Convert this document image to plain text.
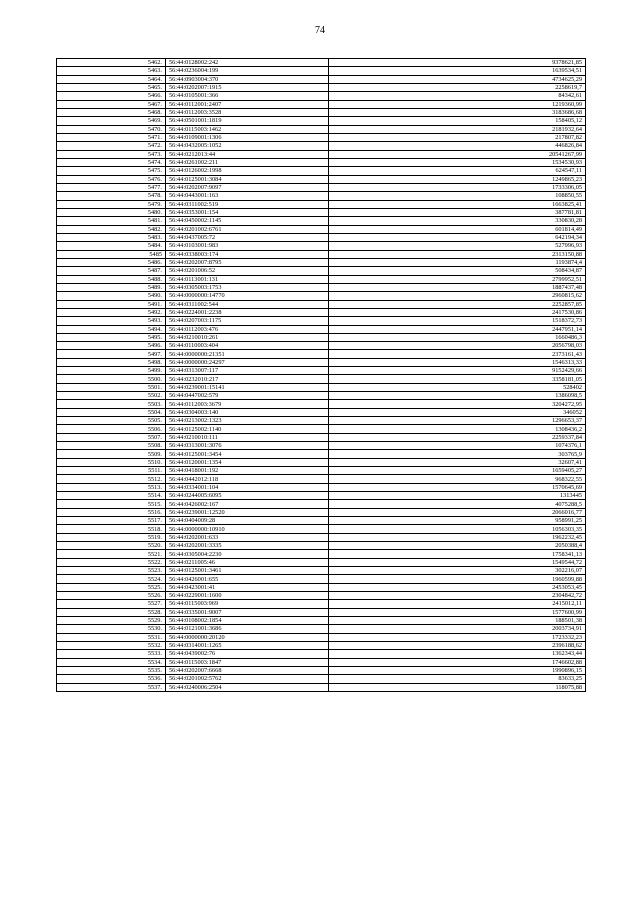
74
5462.	56:44:0128002:242	9378621,85
5463.	56:44:0236004:199	1639534,51
5464.	56:44:0903004:370	4734625,29
5465.	56:44:0202007:1915	2258619,7
5466.	56:44:0105001:366	84342,61
5467.	56:44:0112001:2407	1219360,99
5468.	56:44:0112003:3528	3183686,68
5469.	56:44:0501001:1819	158405,12
5470.	56:44:0115003:1462	2181932,64
5471.	56:44:0109001:1306	217807,82
5472.	56:44:0432005:1052	446826,84
5473.	56:44:0212013:44	20541267,99
5474.	56:44:0261002:211	1534530,93
5475.	56:44:0126002:1998	624547,11
5476.	56:44:0125001:3084	1249865,23
5477.	56:44:0202007:9097	1733306,05
5478.	56:44:0443001:163	108850,55
5479.	56:44:0311002:519	1663825,41
5480.	56:44:0353001:154	387781,81
5481.	56:44:0450002:1145	330830,28
5482.	56:44:0201002:6761	601814,49
5483.	56:44:0437005:72	642194,34
5484.	56:44:0103001:983	527996,93
5485	56:44:0338003:174	2313150,88
5486.	56:44:0202007:8795	1193874,4
5487.	56:44:0201006:52	508434,87
5488.	56:44:0113001:131	2799952,51
5489.	56:44:0305003:1753	1887437,48
5490.	56:44:0000000:14770	2960815,62
5491.	56:44:0311002:544	2252857,85
5492.	56:44:0224001:2238	2417530,86
5493.	56:44:0207003:1175	1518372,73
5494.	56:44:0112003:476	2447951,14
5495.	56:44:0210010:261	1660486,3
5496.	56:44:0110003:404	2056798,03
5497.	56:44:0000000:21351	2373161,43
5498.	56:44:0000000:24297	1546313,33
5499.	56:44:0313007:117	9152429,66
5500.	56:44:0232010:217	3358181,05
5501.	56:44:0239001:15141	528402
5502.	56:44:0447002:579	1386098,5
5503.	56:44:0112003:3679	3204272,95
5504.	56:44:0304003:140	346052
5505.	56:44:0213002:1323	1296653,37
5506.	56:44:0125002:1140	1308436,2
5507.	56:44:0210010:111	2259337,84
5508.	56:44:0313001:3076	1074376,1
5509.	56:44:0125001:3454	303765,9
5510.	56:44:0120001:1354	32607,41
5511.	56:44:0418001:192	1659405,27
5512.	56:44:0442012:118	968322,55
5513.	56:44:0334001:104	1570645,69
5514.	56:44:0244005:6095	1313445
5515.	56:44:0426002:167	4075288,5
5516.	56:44:0239001:12520	2066016,77
5517.	56:44:0404009:28	958991,25
5518.	56:44:0000000:10910	1056303,35
5519.	56:44:0202001:633	1962232,45
5520.	56:44:0202001:3335	2050388,4
5521.	56:44:0305004:2230	1758341,13
5522.	56:44:0211005:46	1549544,72
5523.	56:44:0125001:3461	302216,07
5524.	56:44:0426001:655	1960599,88
5525.	56:44:0423001:41	2453053,45
5526.	56:44:0229001:1600	2304842,72
5527.	56:44:0115003:969	2415012,11
5528.	56:44:0335001:9007	1577600,99
5529.	56:44:0108002:1854	188501,38
5530.	56:44:0121001:3686	2003734,91
5531.	56:44:0000000:20120	1723332,23
5532.	56:44:0314001:1265	2396188,62
5533.	56:44:0439002:76	1362343,44
5534.	56:44:0115003:1847	1746602,88
5535.	56:44:0202007:6668	1990896,15
5536.	56:44:0201002:5762	83633,25
5537.	56:44:0240006:2504	118075,88
